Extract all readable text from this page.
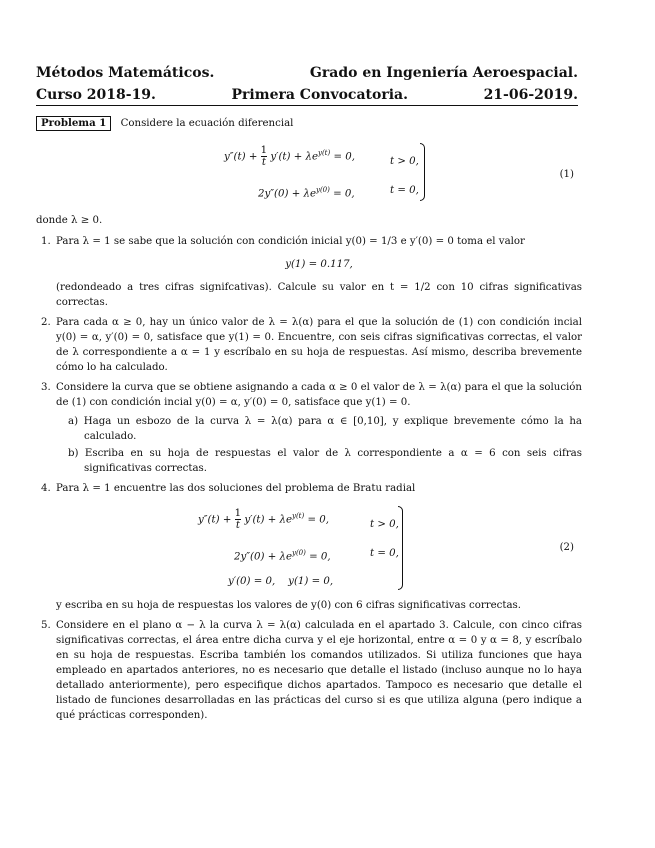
Métodos Matemáticos.	Grado en Ingeniería Aeroespacial.
Curso 2018-19.	Primera Convocatoria.	21-06-2019.
Problema 1 Considere la ecuación diferencial
$y''(t) + \frac{1}{t} y'(t) + \lambda e^{y(t)} = 0$,	t > 0,
$2y''(0) + \lambda e^{y(0)} = 0$,	t = 0,
(1)
donde λ ≥ 0.
1. Para λ = 1 se sabe que la solución con condición inicial y(0) = 1/3 e y′(0) = 0 toma el valor
y(1) = 0.117,
(redondeado a tres cifras signifcativas). Calcule su valor en t = 1/2 con 10 cifras significativas correctas.
2. Para cada α ≥ 0, hay un único valor de λ = λ(α) para el que la solución de (1) con condición incial y(0) = α, y′(0) = 0, satisface que y(1) = 0. Encuentre, con seis cifras significativas correctas, el valor de λ correspondiente a α = 1 y escríbalo en su hoja de respuestas. Así mismo, describa brevemente cómo lo ha calculado.
3. Considere la curva que se obtiene asignando a cada α ≥ 0 el valor de λ = λ(α) para el que la solución de (1) con condición incial y(0) = α, y′(0) = 0, satisface que y(1) = 0.
a) Haga un esbozo de la curva λ = λ(α) para α ∈ [0,10], y explique brevemente cómo la ha calculado.
b) Escriba en su hoja de respuestas el valor de λ correspondiente a α = 6 con seis cifras significativas correctas.
4. Para λ = 1 encuentre las dos soluciones del problema de Bratu radial
$y''(t) + \frac{1}{t} y'(t) + \lambda e^{y(t)} = 0$,	t > 0,
$2y''(0) + \lambda e^{y(0)} = 0$,	t = 0,
y′(0) = 0,    y(1) = 0,
(2)
y escriba en su hoja de respuestas los valores de y(0) con 6 cifras significativas correctas.
5. Considere en el plano α − λ la curva λ = λ(α) calculada en el apartado 3. Calcule, con cinco cifras significativas correctas, el área entre dicha curva y el eje horizontal, entre α = 0 y α = 8, y escríbalo en su hoja de respuestas. Escriba también los comandos utilizados. Si utiliza funciones que haya empleado en apartados anteriores, no es necesario que detalle el listado (incluso aunque no lo haya detallado anteriormente), pero especifique dichos apartados. Tampoco es necesario que detalle el listado de funciones desarrolladas en las prácticas del curso si es que utiliza alguna (pero indique a qué prácticas corresponden).
